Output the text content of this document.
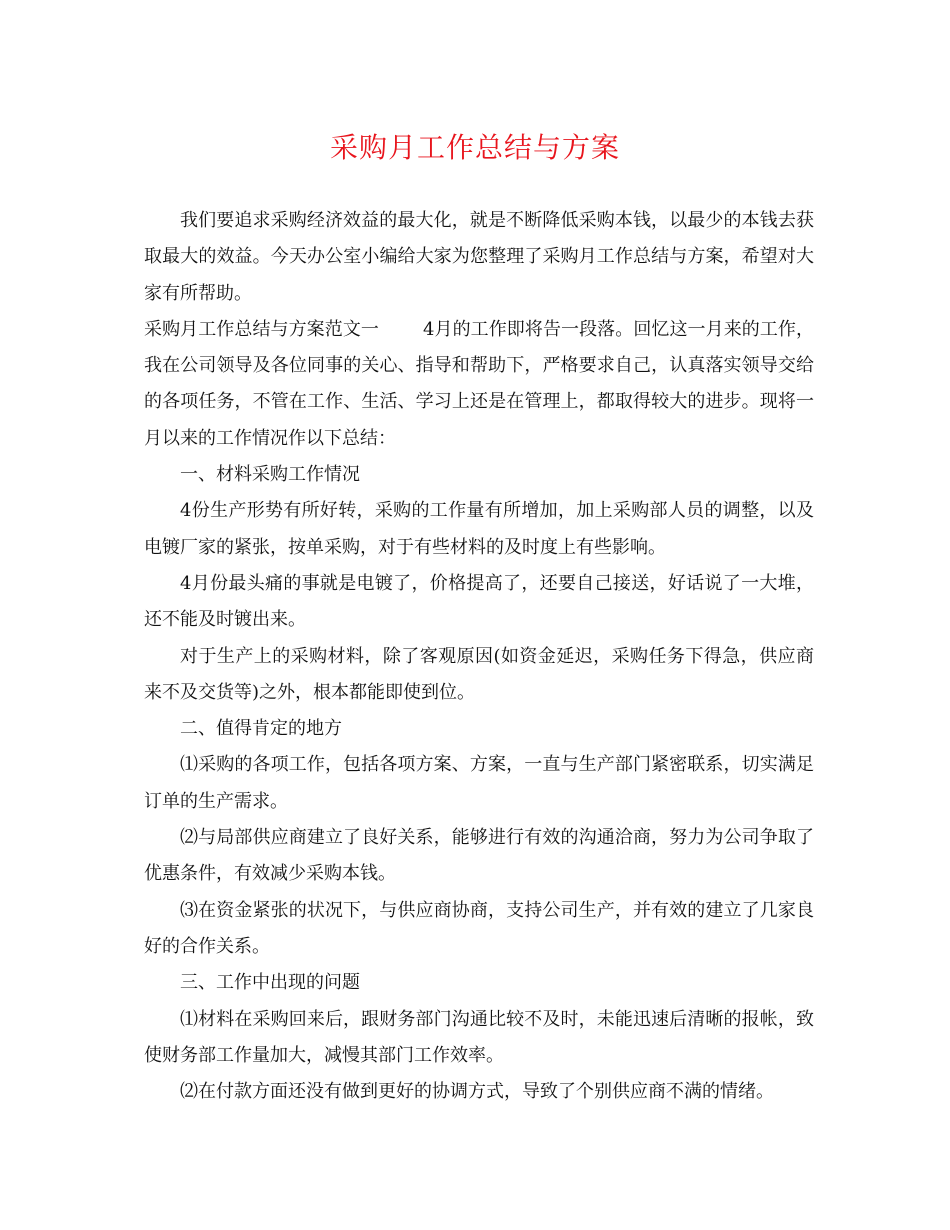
采购月工作总结与方案

我们要追求采购经济效益的最大化，就是不断降低采购本钱，以最少的本钱去获取最大的效益。今天办公室小编给大家为您整理了采购月工作总结与方案，希望对大家有所帮助。

采购月工作总结与方案范文一 4月的工作即将告一段落。回忆这一月来的工作，我在公司领导及各位同事的关心、指导和帮助下，严格要求自己，认真落实领导交给的各项任务，不管在工作、生活、学习上还是在管理上，都取得较大的进步。现将一月以来的工作情况作以下总结：

一、材料采购工作情况

4份生产形势有所好转，采购的工作量有所增加，加上采购部人员的调整，以及电镀厂家的紧张，按单采购，对于有些材料的及时度上有些影响。

4月份最头痛的事就是电镀了，价格提高了，还要自己接送，好话说了一大堆，还不能及时镀出来。

对于生产上的采购材料，除了客观原因(如资金延迟，采购任务下得急，供应商来不及交货等)之外，根本都能即使到位。

二、值得肯定的地方

⑴采购的各项工作，包括各项方案、方案，一直与生产部门紧密联系，切实满足订单的生产需求。

⑵与局部供应商建立了良好关系，能够进行有效的沟通洽商，努力为公司争取了优惠条件，有效减少采购本钱。

⑶在资金紧张的状况下，与供应商协商，支持公司生产，并有效的建立了几家良好的合作关系。

三、工作中出现的问题

⑴材料在采购回来后，跟财务部门沟通比较不及时，未能迅速后清晰的报帐，致使财务部工作量加大，减慢其部门工作效率。

⑵在付款方面还没有做到更好的协调方式，导致了个别供应商不满的情绪。
